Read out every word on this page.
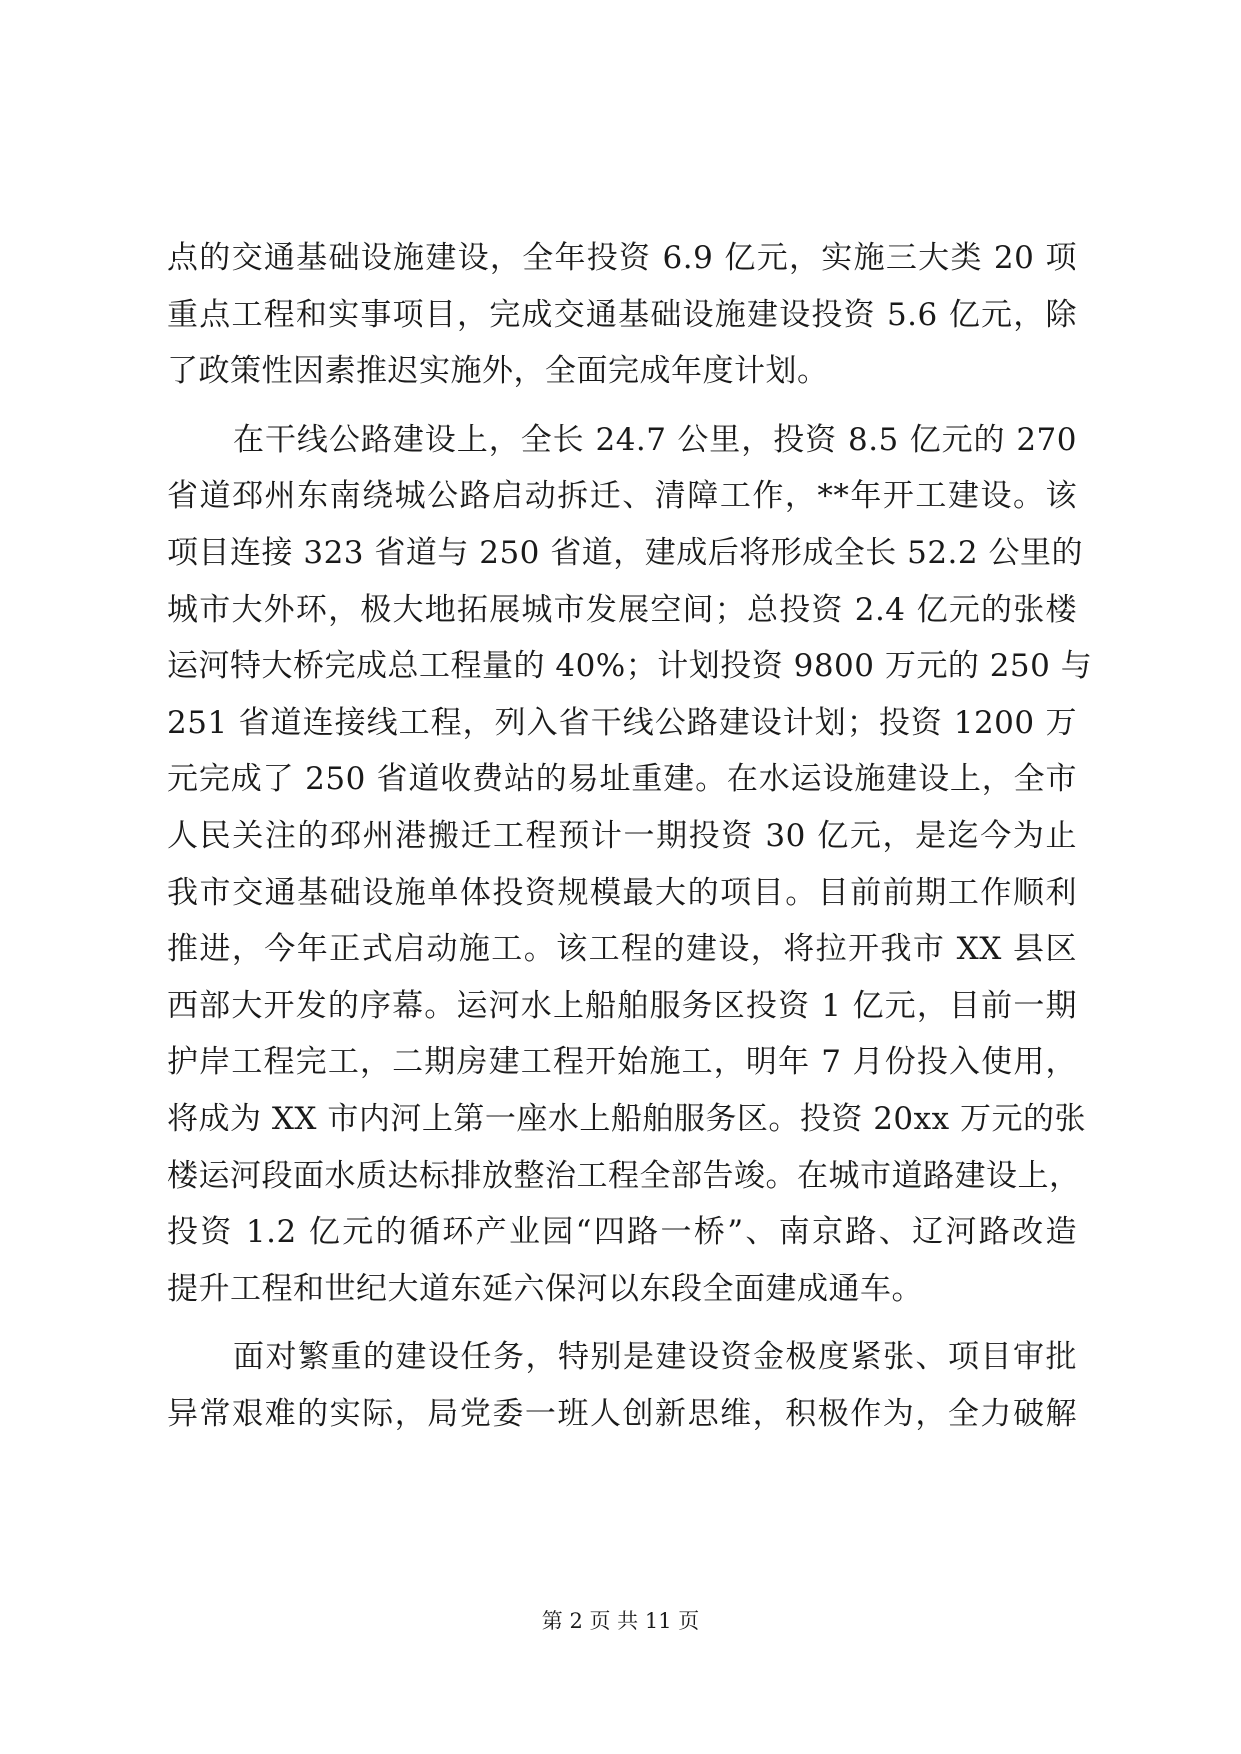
点的交通基础设施建设，全年投资 6.9 亿元，实施三大类 20 项
重点工程和实事项目，完成交通基础设施建设投资 5.6 亿元，除
了政策性因素推迟实施外，全面完成年度计划。
在干线公路建设上，全长 24.7 公里，投资 8.5 亿元的 270
省道邳州东南绕城公路启动拆迁、清障工作，**年开工建设。该
项目连接 323 省道与 250 省道，建成后将形成全长 52.2 公里的
城市大外环，极大地拓展城市发展空间；总投资 2.4 亿元的张楼
运河特大桥完成总工程量的 40%；计划投资 9800 万元的 250 与
251 省道连接线工程，列入省干线公路建设计划；投资 1200 万
元完成了 250 省道收费站的易址重建。在水运设施建设上，全市
人民关注的邳州港搬迁工程预计一期投资 30 亿元，是迄今为止
我市交通基础设施单体投资规模最大的项目。目前前期工作顺利
推进，今年正式启动施工。该工程的建设，将拉开我市 XX 县区
西部大开发的序幕。运河水上船舶服务区投资 1 亿元，目前一期
护岸工程完工，二期房建工程开始施工，明年 7 月份投入使用，
将成为 XX 市内河上第一座水上船舶服务区。投资 20xx 万元的张
楼运河段面水质达标排放整治工程全部告竣。在城市道路建设上，
投资 1.2 亿元的循环产业园“四路一桥”、南京路、辽河路改造
提升工程和世纪大道东延六保河以东段全面建成通车。
面对繁重的建设任务，特别是建设资金极度紧张、项目审批
异常艰难的实际，局党委一班人创新思维，积极作为，全力破解
第 2 页 共 11 页
